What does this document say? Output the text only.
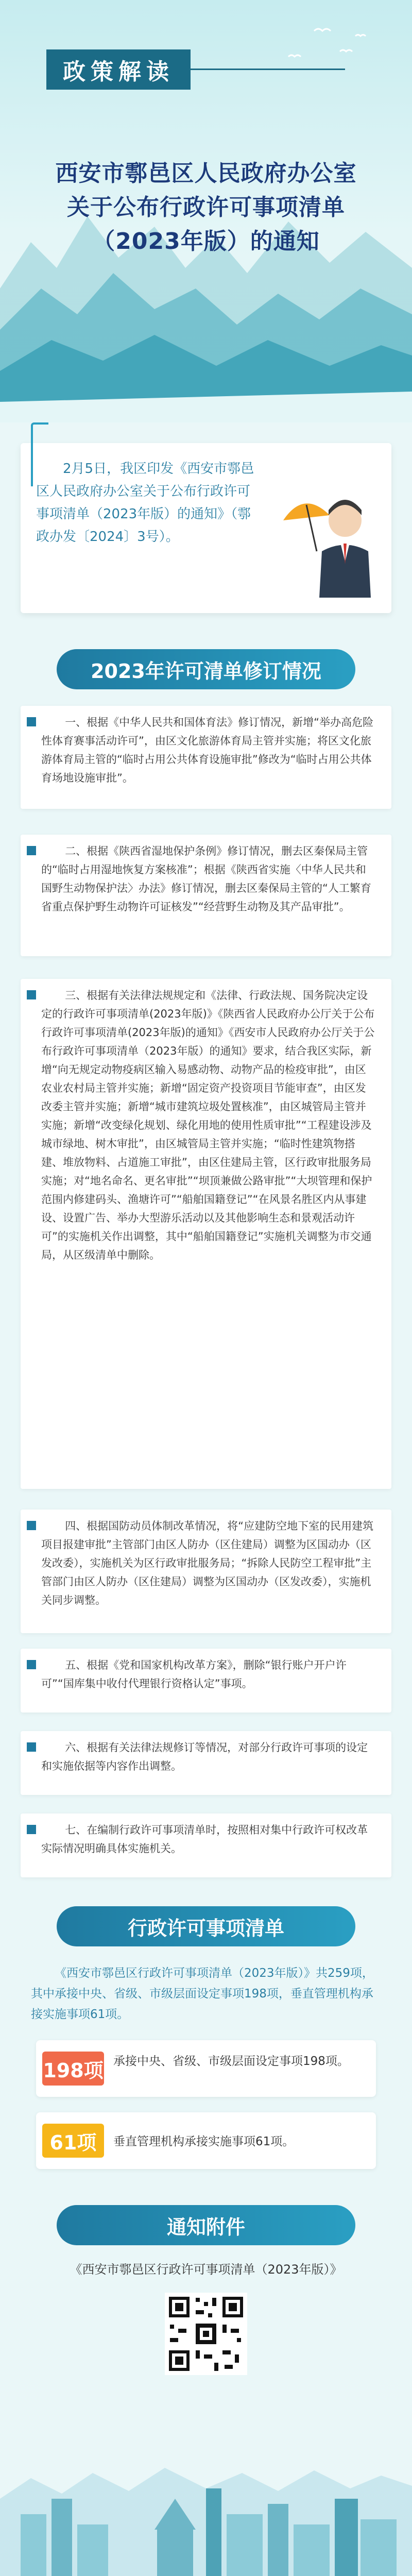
政策解读
西安市鄠邑区人民政府办公室
关于公布行政许可事项清单
（2023年版）的通知
2月5日，我区印发《西安市鄠邑区人民政府办公室关于公布行政许可事项清单（2023年版）的通知》（鄠政办发〔2024〕3号）。
2023年许可清单修订情况
一、根据《中华人民共和国体育法》修订情况，新增“举办高危险性体育赛事活动许可”，由区文化旅游体育局主管并实施；将区文化旅游体育局主管的“临时占用公共体育设施审批”修改为“临时占用公共体育场地设施审批”。
二、根据《陕西省湿地保护条例》修订情况，删去区秦保局主管的“临时占用湿地恢复方案核准”；根据《陕西省实施〈中华人民共和国野生动物保护法〉办法》修订情况，删去区秦保局主管的“人工繁育省重点保护野生动物许可证核发”“经营野生动物及其产品审批”。
三、根据有关法律法规规定和《法律、行政法规、国务院决定设定的行政许可事项清单(2023年版)》《陕西省人民政府办公厅关于公布行政许可事项清单(2023年版)的通知》《西安市人民政府办公厅关于公布行政许可事项清单（2023年版）的通知》要求，结合我区实际，新增“向无规定动物疫病区输入易感动物、动物产品的检疫审批”，由区农业农村局主管并实施；新增“固定资产投资项目节能审查”，由区发改委主管并实施；新增“城市建筑垃圾处置核准”，由区城管局主管并实施；新增“改变绿化规划、绿化用地的使用性质审批”“工程建设涉及城市绿地、树木审批”，由区城管局主管并实施；“临时性建筑物搭建、堆放物料、占道施工审批”，由区住建局主管，区行政审批服务局实施；对“地名命名、更名审批”“坝顶兼做公路审批”“大坝管理和保护范围内修建码头、渔塘许可”“船舶国籍登记”“在风景名胜区内从事建设、设置广告、举办大型游乐活动以及其他影响生态和景观活动许可”的实施机关作出调整，其中“船舶国籍登记”实施机关调整为市交通局，从区级清单中删除。
四、根据国防动员体制改革情况，将“应建防空地下室的民用建筑项目报建审批”主管部门由区人防办（区住建局）调整为区国动办（区发改委），实施机关为区行政审批服务局；“拆除人民防空工程审批”主管部门由区人防办（区住建局）调整为区国动办（区发改委），实施机关同步调整。
五、根据《党和国家机构改革方案》，删除“银行账户开户许可”“国库集中收付代理银行资格认定”事项。
六、根据有关法律法规修订等情况，对部分行政许可事项的设定和实施依据等内容作出调整。
七、在编制行政许可事项清单时，按照相对集中行政许可权改革实际情况明确具体实施机关。
行政许可事项清单
《西安市鄠邑区行政许可事项清单（2023年版）》共259项，其中承接中央、省级、市级层面设定事项198项，垂直管理机构承接实施事项61项。
198项 承接中央、省级、市级层面设定事项198项。
61项	垂直管理机构承接实施事项61项。
通知附件
《西安市鄠邑区行政许可事项清单（2023年版）》
